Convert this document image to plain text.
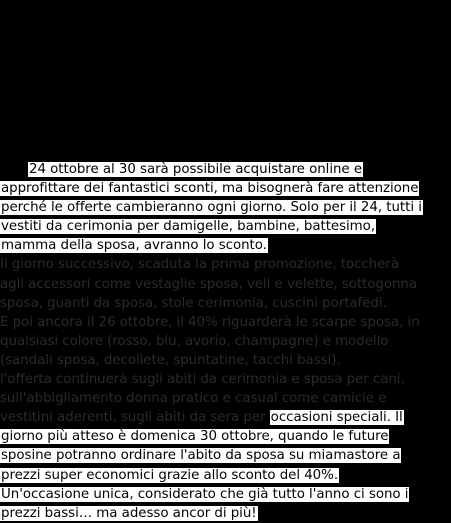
24 ottobre al 30 sarà possibile acquistare online e
approfittare dei fantastici sconti, ma bisognerà fare attenzione
perché le offerte cambieranno ogni giorno. Solo per il 24, tutti i
vestiti da cerimonia per damigelle, bambine, battesimo,
mamma della sposa, avranno lo sconto.
Il giorno successivo, scaduta la prima promozione, toccherà
agli accessori come vestaglie sposa, veli e velette, sottogonna
sposa, guanti da sposa, stole cerimonia, cuscini portafedi.
E poi ancora il 26 ottobre, il 40% riguarderà le scarpe sposa, in
qualsiasi colore (rosso, blu, avorio, champagne) e modello
(sandali sposa, decollete, spuntatine, tacchi bassi).
l'offerta continuerà sugli abiti da cerimonia e sposa per cani,
sull'abbigliamento donna pratico e casual come camicie e
vestitini aderenti, sugli abiti da sera per occasioni speciali. Il
giorno più atteso è domenica 30 ottobre, quando le future
sposine potranno ordinare l'abito da sposa su miamastore a
prezzi super economici grazie allo sconto del 40%.
Un'occasione unica, considerato che già tutto l'anno ci sono i
prezzi bassi… ma adesso ancor di più!
